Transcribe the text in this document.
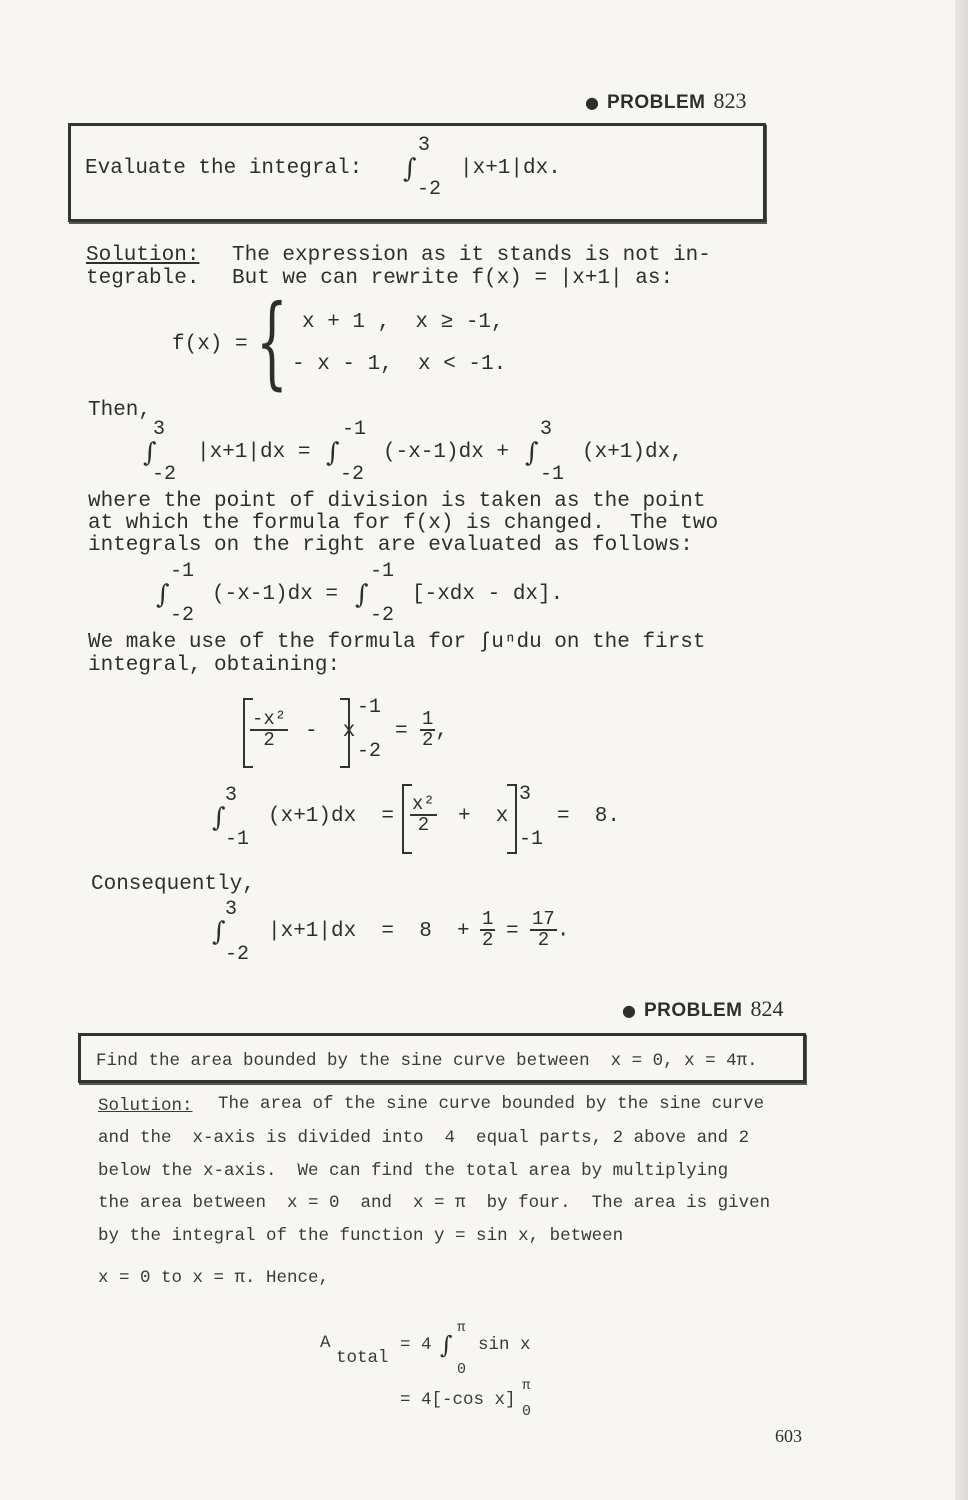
● PROBLEM 823
Evaluate the integral: ∫
3
-2
|x+1|dx.
Solution: The expression as it stands is not in-
tegrable. But we can rewrite f(x) = |x+1| as:
f(x) = { x + 1 ,  x ≥ -1,
- x - 1,  x < -1.
Then,
∫
3
-2
|x+1|dx = ∫
-1
-2
(-x-1)dx + ∫
3
-1
(x+1)dx,
where the point of division is taken as the point
at which the formula for f(x) is changed.  The two
integrals on the right are evaluated as follows:
∫
-1
-2
(-x-1)dx = ∫
-1
-2
[-xdx - dx].
We make use of the formula for ∫uⁿdu on the first
integral, obtaining:
$\frac{\text{-x²}}{2}$ -  x
-1
-2
= $\frac{1}{2}$ ,
∫
3
-1
$(x+1)dx = \frac{\text{x²}}{2} + x$
3
-1
=  8.
Consequently,
∫
3
-2
$|x+1|dx = 8 + \frac{1}{2} = \frac{17}{2}$ .
● PROBLEM 824
Find the area bounded by the sine curve between  x = 0, x = 4π.
Solution: The area of the sine curve bounded by the sine curve
and the  x-axis is divided into  4  equal parts, 2 above and 2
below the x-axis.  We can find the total area by multiplying
the area between  x = 0  and  x = π  by four.  The area is given
by the integral of the function y = sin x, between
x = 0 to x = π. Hence,
A
total
= 4 ∫
π
0
sin x
= 4[-cos x]
π
0
603
